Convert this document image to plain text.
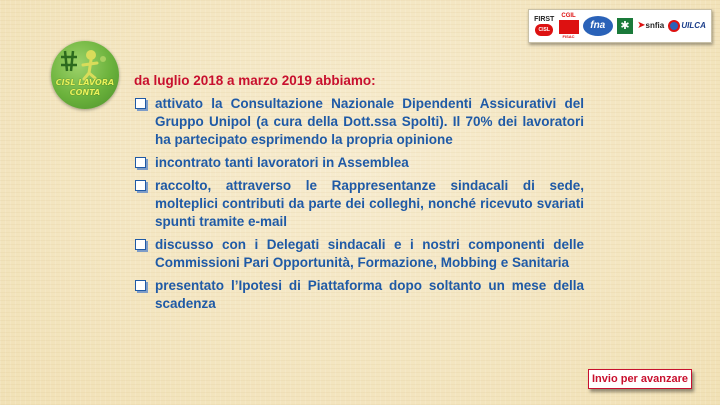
CISL LAVORA
CONTA
FIRST
CISL
CGIL
FISAC
fna	✱ ➤ snfia UILCA
da luglio 2018 a marzo 2019 abbiamo:
attivato la Consultazione Nazionale Dipendenti Assicurativi del Gruppo Unipol (a cura della Dott.ssa Spolti). Il 70% dei lavoratori ha partecipato esprimendo la propria opinione
incontrato tanti lavoratori in Assemblea
raccolto, attraverso le Rappresentanze sindacali di sede, molteplici contributi da parte dei colleghi, nonché ricevuto svariati spunti tramite e-mail
discusso con i Delegati sindacali e i nostri componenti delle Commissioni Pari Opportunità, Formazione, Mobbing e Sanitaria
presentato l’Ipotesi di Piattaforma dopo soltanto un mese della scadenza
Invio per avanzare
